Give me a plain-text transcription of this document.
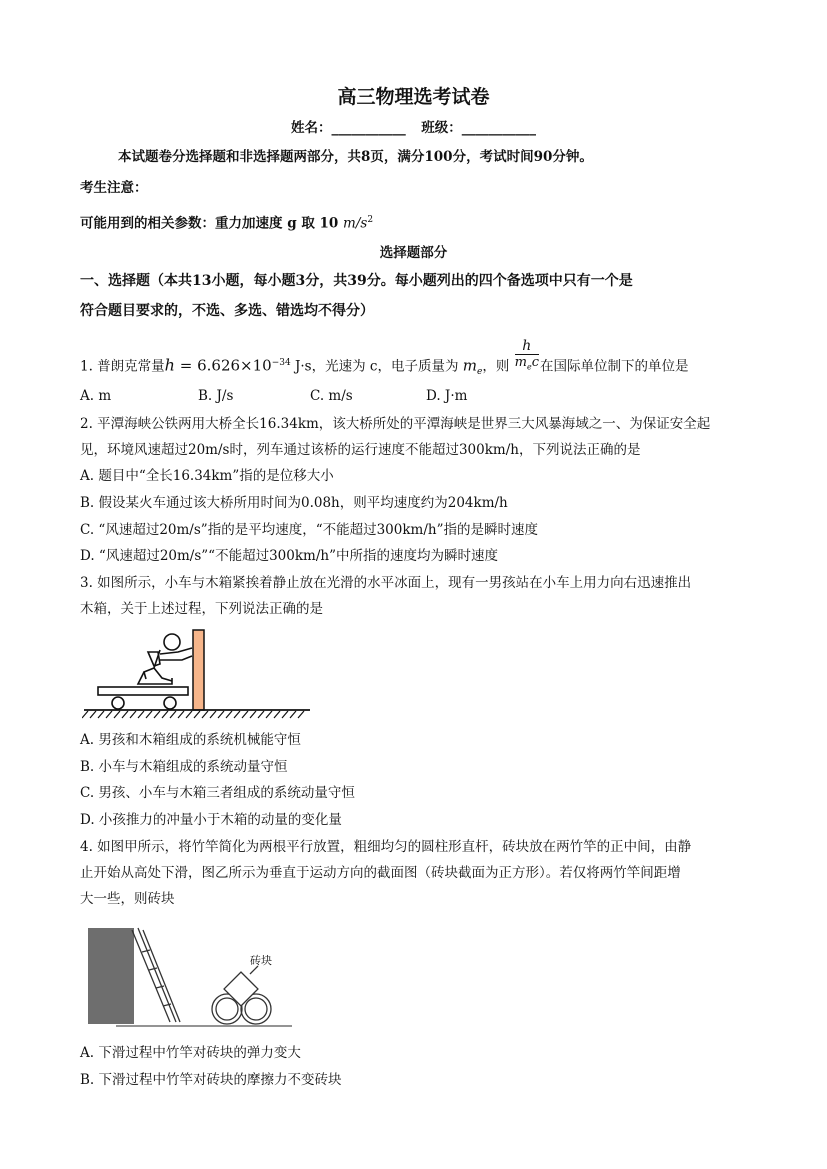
高三物理选考试卷
姓名：___________ 班级：___________
本试题卷分选择题和非选择题两部分，共8页，满分100分，考试时间90分钟。
考生注意：
可能用到的相关参数：重力加速度 g 取 10 $m/s^2$
选择题部分
一、选择题（本共13小题，每小题3分，共39分。每小题列出的四个备选项中只有一个是
符合题目要求的，不选、多选、错选均不得分）
1. 普朗克常量$h = 6.626\times 10^{-34}$ J·s，光速为 c，电子质量为 $m_e$，则 $\frac{h}{m_ec}$ 在国际单位制下的单位是
A. m	B. J/s	C. m/s	D. J·m
2. 平潭海峡公铁两用大桥全长16.34km，该大桥所处的平潭海峡是世界三大风暴海域之一、为保证安全起
见，环境风速超过20m/s时，列车通过该桥的运行速度不能超过300km/h，下列说法正确的是
A. 题目中“全长16.34km”指的是位移大小
B. 假设某火车通过该大桥所用时间为0.08h，则平均速度约为204km/h
C. “风速超过20m/s”指的是平均速度，“不能超过300km/h”指的是瞬时速度
D. “风速超过20m/s”“不能超过300km/h”中所指的速度均为瞬时速度
3. 如图所示，小车与木箱紧挨着静止放在光滑的水平冰面上，现有一男孩站在小车上用力向右迅速推出
木箱，关于上述过程，下列说法正确的是
A. 男孩和木箱组成的系统机械能守恒
B. 小车与木箱组成的系统动量守恒
C. 男孩、小车与木箱三者组成的系统动量守恒
D. 小孩推力的冲量小于木箱的动量的变化量
4. 如图甲所示，将竹竿简化为两根平行放置，粗细均匀的圆柱形直杆，砖块放在两竹竿的正中间，由静
止开始从高处下滑，图乙所示为垂直于运动方向的截面图（砖块截面为正方形）。若仅将两竹竿间距增
大一些，则砖块
砖块
A. 下滑过程中竹竿对砖块的弹力变大
B. 下滑过程中竹竿对砖块的摩擦力不变砖块
